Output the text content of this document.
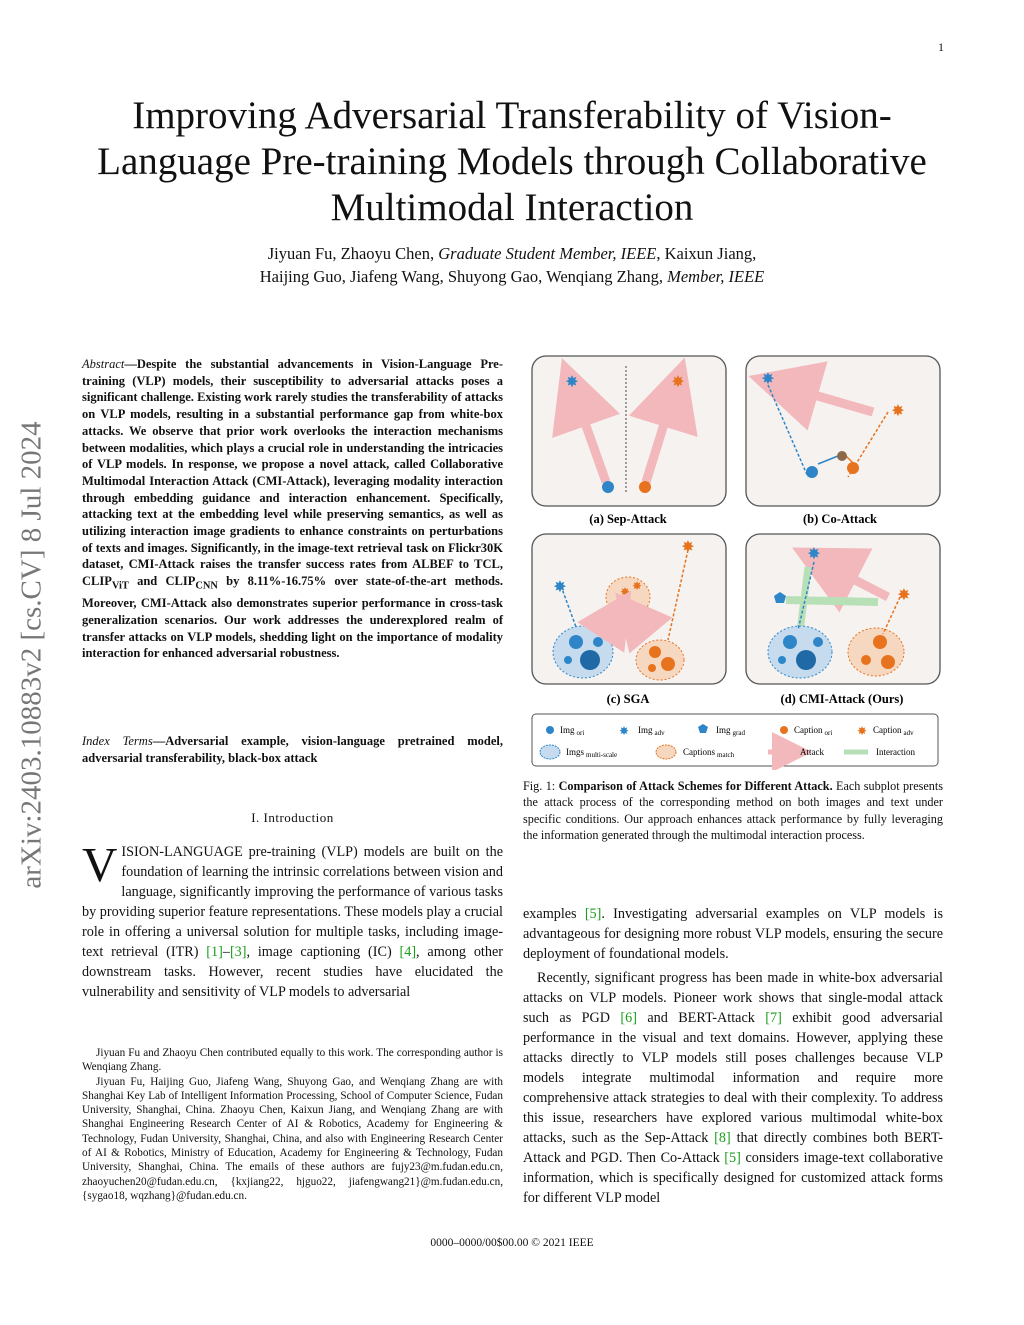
1
Improving Adversarial Transferability of Vision-Language Pre-training Models through Collaborative Multimodal Interaction
Jiyuan Fu, Zhaoyu Chen, Graduate Student Member, IEEE, Kaixun Jiang,
Haijing Guo, Jiafeng Wang, Shuyong Gao, Wenqiang Zhang, Member, IEEE
arXiv:2403.10883v2 [cs.CV] 8 Jul 2024
Abstract—Despite the substantial advancements in Vision-Language Pre-training (VLP) models, their susceptibility to adversarial attacks poses a significant challenge. Existing work rarely studies the transferability of attacks on VLP models, resulting in a substantial performance gap from white-box attacks. We observe that prior work overlooks the interaction mechanisms between modalities, which plays a crucial role in understanding the intricacies of VLP models. In response, we propose a novel attack, called Collaborative Multimodal Interaction Attack (CMI-Attack), leveraging modality interaction through embedding guidance and interaction enhancement. Specifically, attacking text at the embedding level while preserving semantics, as well as utilizing interaction image gradients to enhance constraints on perturbations of texts and images. Significantly, in the image-text retrieval task on Flickr30K dataset, CMI-Attack raises the transfer success rates from ALBEF to TCL, $CLIP_{ViT}$ and $CLIP_{CNN}$ by 8.11%-16.75% over state-of-the-art methods. Moreover, CMI-Attack also demonstrates superior performance in cross-task generalization scenarios. Our work addresses the underexplored realm of transfer attacks on VLP models, shedding light on the importance of modality interaction for enhanced adversarial robustness.
Index Terms—Adversarial example, vision-language pretrained model, adversarial transferability, black-box attack
I. Introduction
VISION-LANGUAGE pre-training (VLP) models are built on the foundation of learning the intrinsic correlations between vision and language, significantly improving the performance of various tasks by providing superior feature representations. These models play a crucial role in offering a universal solution for multiple tasks, including image-text retrieval (ITR) [1]–[3], image captioning (IC) [4], among other downstream tasks. However, recent studies have elucidated the vulnerability and sensitivity of VLP models to adversarial

Jiyuan Fu and Zhaoyu Chen contributed equally to this work. The corresponding author is Wenqiang Zhang.

Jiyuan Fu, Haijing Guo, Jiafeng Wang, Shuyong Gao, and Wenqiang Zhang are with Shanghai Key Lab of Intelligent Information Processing, School of Computer Science, Fudan University, Shanghai, China. Zhaoyu Chen, Kaixun Jiang, and Wenqiang Zhang are with Shanghai Engineering Research Center of AI & Robotics, Academy for Engineering & Technology, Fudan University, Shanghai, China, and also with Engineering Research Center of AI & Robotics, Ministry of Education, Academy for Engineering & Technology, Fudan University, Shanghai, China. The emails of these authors are fujy23@m.fudan.edu.cn, zhaoyuchen20@fudan.edu.cn, {kxjiang22, hjguo22, jiafengwang21}@m.fudan.edu.cn, {sygao18, wqzhang}@fudan.edu.cn.

✸	✸
(a) Sep-Attack
✸
✸
(b) Co-Attack
✸ ✸
✸
✸
✸
(c) SGA
✸
✸
(d) CMI-Attack (Ours)
Img $_{ori}$	✸ Img $_{adv}$	Img $_{grad}$	Caption $_{ori}$ ✸ Caption $_{adv}$
Imgs $_{multi-scale}$	Captions $_{match}$	Attack	Interaction
Fig. 1: Comparison of Attack Schemes for Different Attack. Each subplot presents the attack process of the corresponding method on both images and text under specific conditions. Our approach enhances attack performance by fully leveraging the information generated through the multimodal interaction process.

examples [5]. Investigating adversarial examples on VLP models is advantageous for designing more robust VLP models, ensuring the secure deployment of foundational models.

Recently, significant progress has been made in white-box adversarial attacks on VLP models. Pioneer work shows that single-modal attack such as PGD [6] and BERT-Attack [7] exhibit good adversarial performance in the visual and text domains. However, applying these attacks directly to VLP models still poses challenges because VLP models integrate multimodal information and require more comprehensive attack strategies to deal with their complexity. To address this issue, researchers have explored various multimodal white-box attacks, such as the Sep-Attack [8] that directly combines both BERT-Attack and PGD. Then Co-Attack [5] considers image-text collaborative information, which is specifically designed for customized attack forms for different VLP model

0000–0000/00$00.00 © 2021 IEEE
